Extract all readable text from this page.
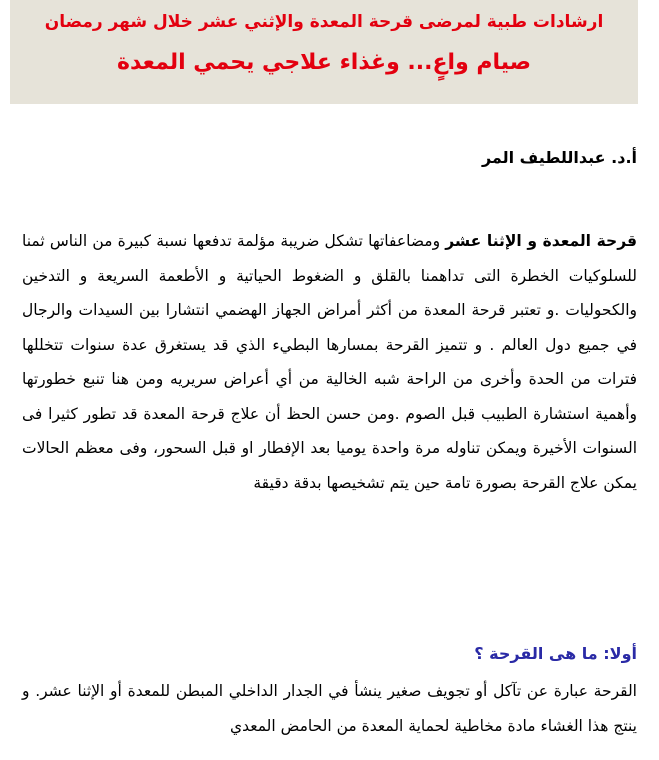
ارشادات طبية لمرضى قرحة المعدة والإثني عشر خلال شهر رمضان

صيام واعٍ... وغذاء علاجي يحمي المعدة

أ.د. عبداللطيف المر

قرحة المعدة و الإثنا عشر ومضاعفاتها تشكل ضريبة مؤلمة تدفعها نسبة كبيرة من الناس ثمنا للسلوكيات الخطرة التى تداهمنا بالقلق و الضغوط الحياتية و الأطعمة السريعة و التدخين والكحوليات .و تعتبر قرحة المعدة من أكثر أمراض الجهاز الهضمي انتشارا بين السيدات والرجال في جميع دول العالم . و تتميز القرحة بمسارها البطيء الذي قد يستغرق عدة سنوات تتخللها فترات من الحدة وأخرى من الراحة شبه الخالية من أي أعراض سريريه ومن هنا تنبع خطورتها وأهمية استشارة الطبيب قبل الصوم .ومن حسن الحظ أن علاج قرحة المعدة قد تطور كثيرا فى السنوات الأخيرة ويمكن تناوله مرة واحدة يوميا بعد الإفطار او قبل السحور، وفى معظم الحالات يمكن علاج القرحة بصورة تامة حين يتم تشخيصها بدقة دقيقة

أولا: ما هى القرحة ؟

القرحة عبارة عن تآكل أو تجويف صغير ينشأ في الجدار الداخلي المبطن للمعدة أو الإثنا عشر. و ينتج هذا الغشاء مادة مخاطية لحماية المعدة من الحامض المعدي
